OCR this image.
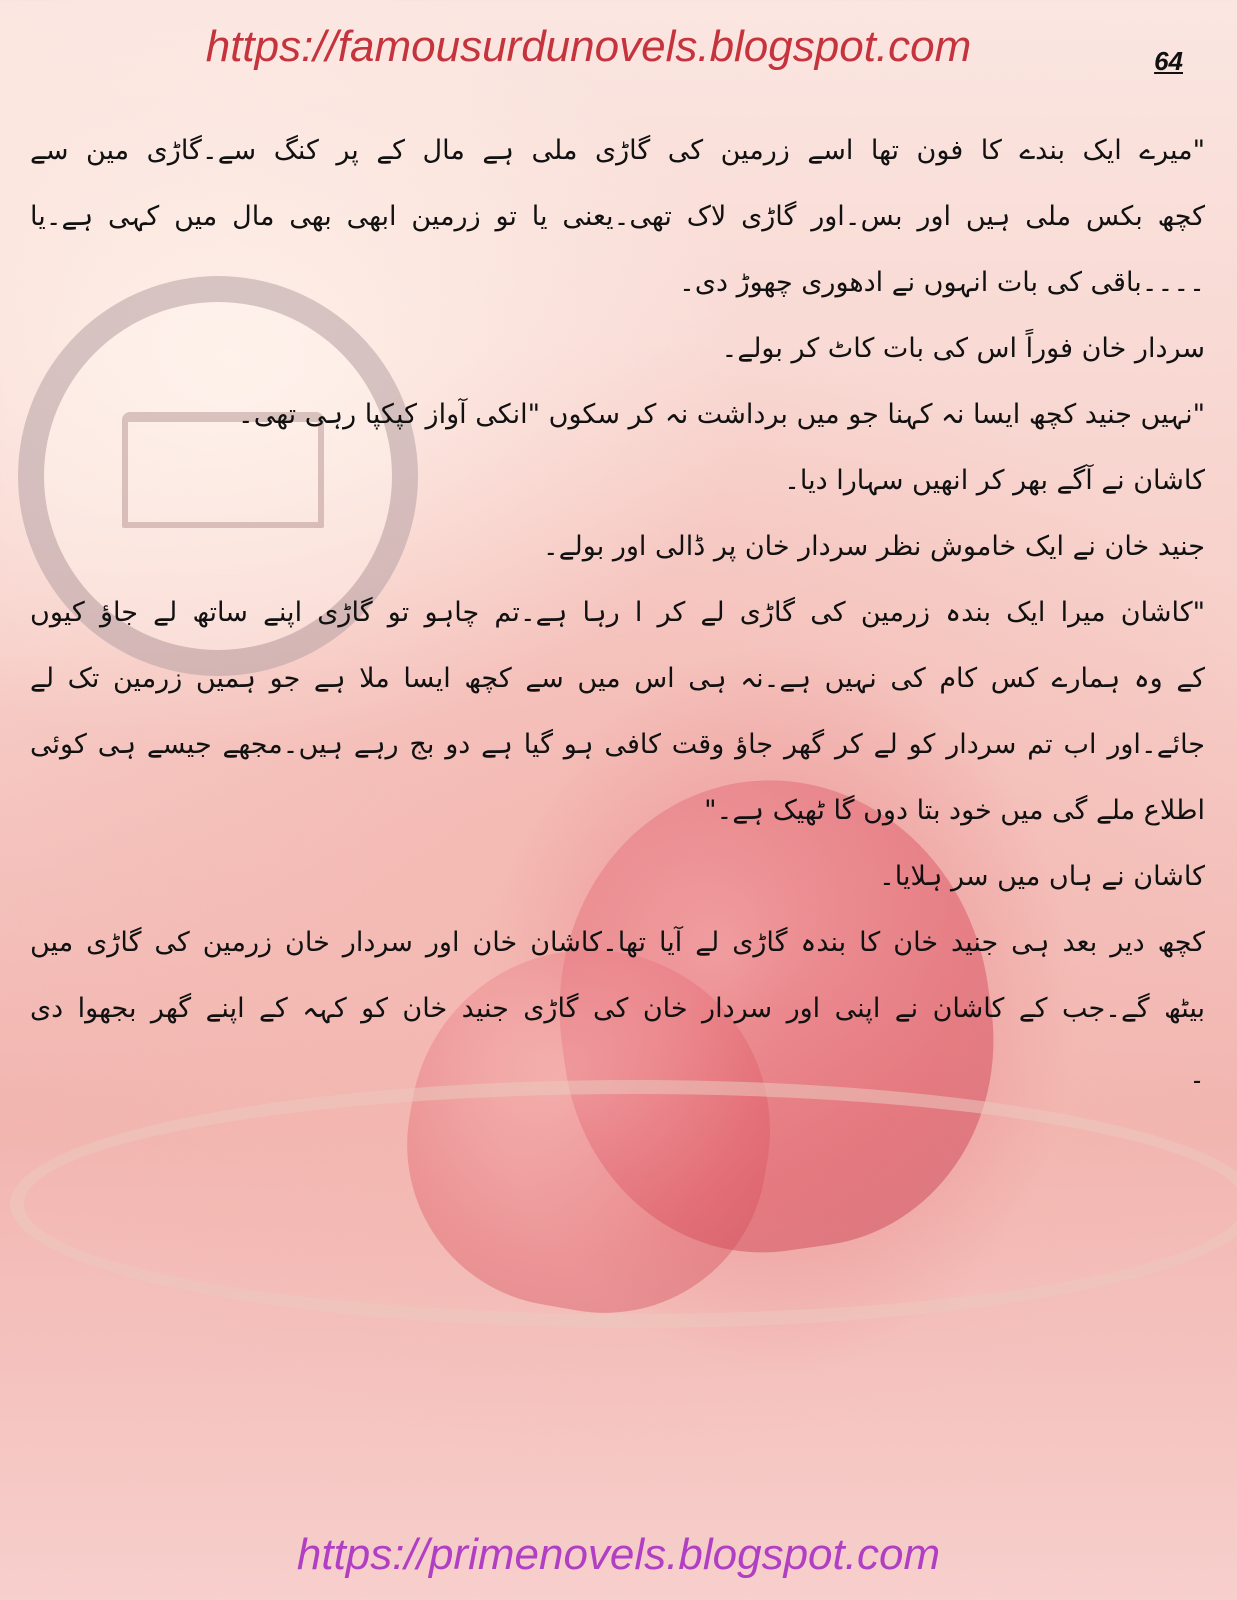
https://famousurdunovels.blogspot.com	64
"میرے ایک بندے کا فون تھا اسے زرمین کی گاڑی ملی ہے مال کے پر کنگ سے۔گاڑی مین سے
کچھ بکس ملی ہیں اور بس۔اور گاڑی لاک تھی۔یعنی یا تو زرمین ابھی بھی مال میں کہی ہے۔یا
۔۔۔۔باقی کی بات انہوں نے ادھوری چھوڑ دی۔
سردار خان فوراً اس کی بات کاٹ کر بولے۔
"نہیں جنید کچھ ایسا نہ کہنا جو میں برداشت نہ کر سکوں "انکی آواز کپکپا رہی تھی۔
کاشان نے آگے بھر کر انھیں سہارا دیا۔
جنید خان نے ایک خاموش نظر سردار خان پر ڈالی اور بولے۔
"کاشان میرا ایک بندہ زرمین کی گاڑی لے کر ا رہا ہے۔تم چاہو تو گاڑی اپنے ساتھ لے جاؤ کیوں
کے وہ ہمارے کس کام کی نہیں ہے۔نہ ہی اس میں سے کچھ ایسا ملا ہے جو ہمیں زرمین تک لے
جائے۔اور اب تم سردار کو لے کر گھر جاؤ وقت کافی ہو گیا ہے دو بج رہے ہیں۔مجھے جیسے ہی کوئی
اطلاع ملے گی میں خود بتا دوں گا ٹھیک ہے۔"
کاشان نے ہاں میں سر ہلایا۔
کچھ دیر بعد ہی جنید خان کا بندہ گاڑی لے آیا تھا۔کاشان خان اور سردار خان زرمین کی گاڑی میں
بیٹھ گے۔جب کے کاشان نے اپنی اور سردار خان کی گاڑی جنید خان کو کہہ کے اپنے گھر بجھوا دی
۔
https://primenovels.blogspot.com
